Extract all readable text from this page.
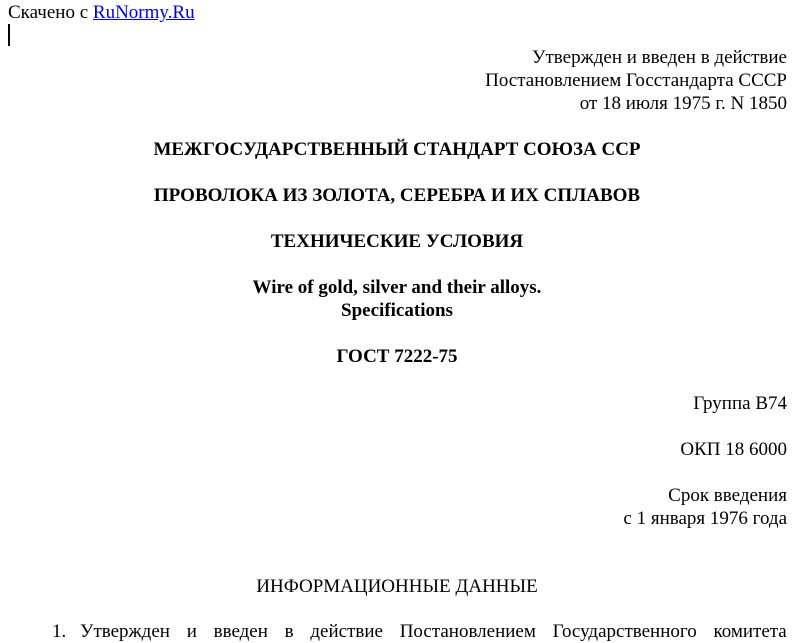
Скачено с RuNormy.Ru
Утвержден и введен в действие
Постановлением Госстандарта СССР
от 18 июля 1975 г. N 1850
МЕЖГОСУДАРСТВЕННЫЙ СТАНДАРТ СОЮЗА ССР
ПРОВОЛОКА ИЗ ЗОЛОТА, СЕРЕБРА И ИХ СПЛАВОВ
ТЕХНИЧЕСКИЕ УСЛОВИЯ
Wire of gold, silver and their alloys.
Specifications
ГОСТ 7222-75
Группа В74
ОКП 18 6000
Срок введения
с 1 января 1976 года
ИНФОРМАЦИОННЫЕ ДАННЫЕ
1. Утвержден и введен в действие Постановлением Государственного комитета
